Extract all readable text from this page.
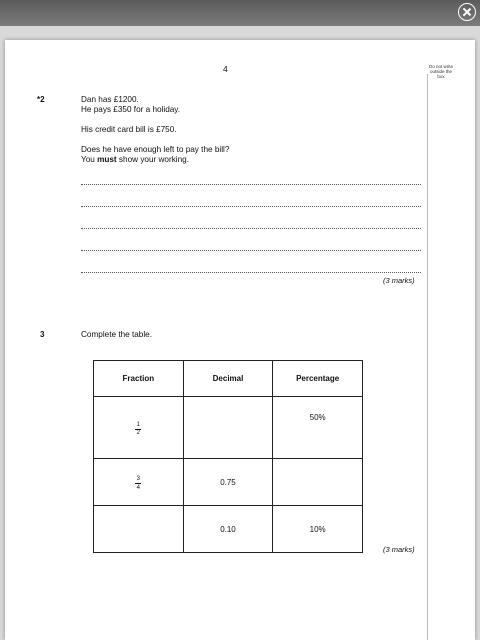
4	Do not write outside the box
*2	Dan has £1200.
He pays £350 for a holiday.
His credit card bill is £750.
Does he have enough left to pay the bill?
You must show your working.
(3 marks)
3	Complete the table.
Fraction	Decimal	Percentage

$\frac{1}{2}$		50%

$\frac{3}{4}$	0.75	
	0.10	10%
(3 marks)
